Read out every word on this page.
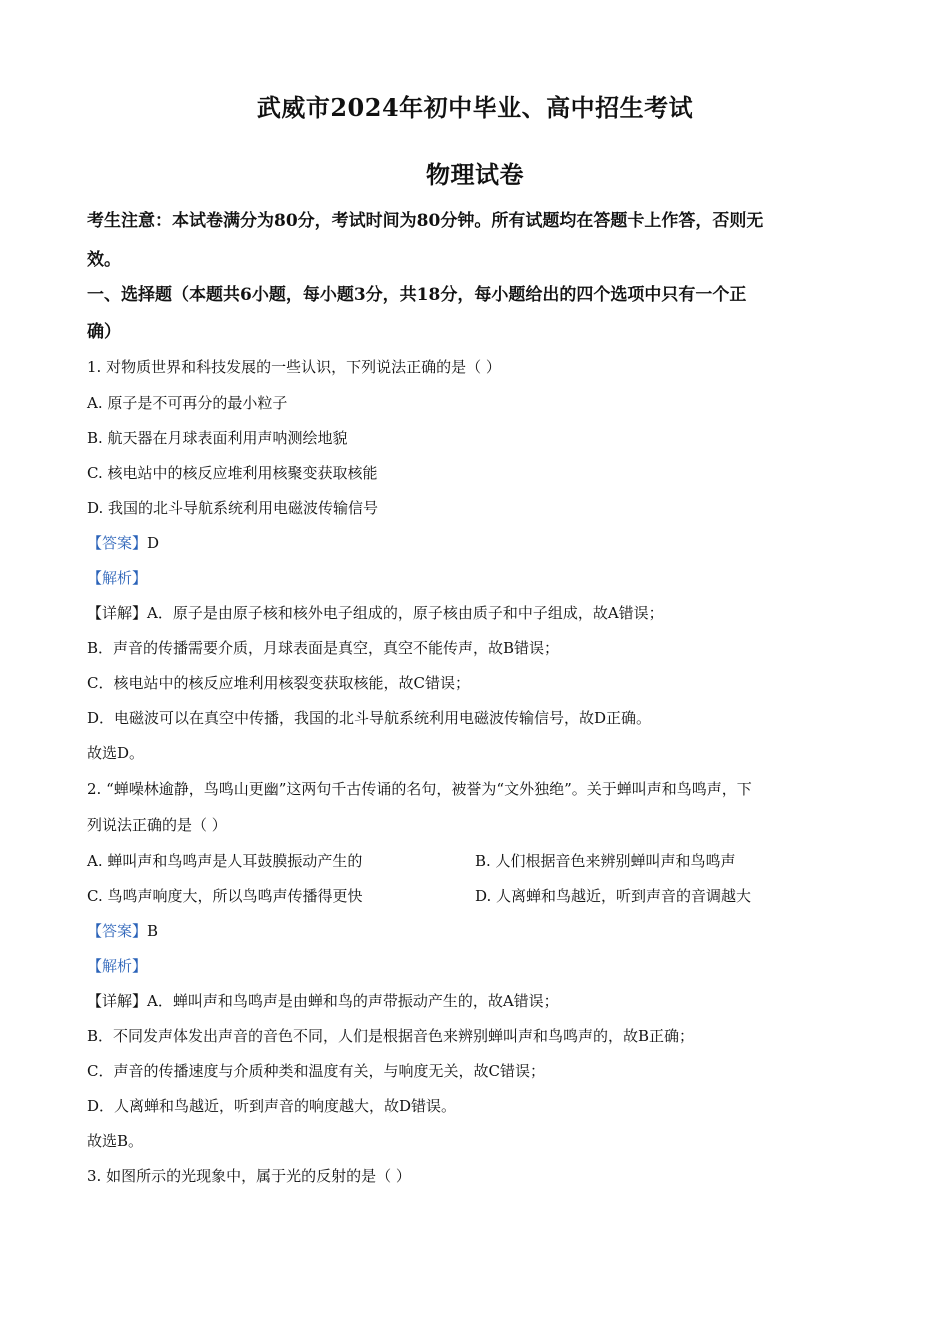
武威市2024年初中毕业、高中招生考试
物理试卷
考生注意：本试卷满分为80分，考试时间为80分钟。所有试题均在答题卡上作答，否则无
效。
一、选择题（本题共6小题，每小题3分，共18分，每小题给出的四个选项中只有一个正
确）
1. 对物质世界和科技发展的一些认识，下列说法正确的是（ ）
A. 原子是不可再分的最小粒子
B. 航天器在月球表面利用声呐测绘地貌
C. 核电站中的核反应堆利用核聚变获取核能
D. 我国的北斗导航系统利用电磁波传输信号
【答案】D
【解析】
【详解】A．原子是由原子核和核外电子组成的，原子核由质子和中子组成，故A错误；
B．声音的传播需要介质，月球表面是真空，真空不能传声，故B错误；
C．核电站中的核反应堆利用核裂变获取核能，故C错误；
D．电磁波可以在真空中传播，我国的北斗导航系统利用电磁波传输信号，故D正确。
故选D。
2. “蝉噪林逾静，鸟鸣山更幽”这两句千古传诵的名句，被誉为“文外独绝”。关于蝉叫声和鸟鸣声，下
列说法正确的是（ ）
A. 蝉叫声和鸟鸣声是人耳鼓膜振动产生的	B. 人们根据音色来辨别蝉叫声和鸟鸣声
C. 鸟鸣声响度大，所以鸟鸣声传播得更快	D. 人离蝉和鸟越近，听到声音的音调越大
【答案】B
【解析】
【详解】A．蝉叫声和鸟鸣声是由蝉和鸟的声带振动产生的，故A错误；
B．不同发声体发出声音的音色不同，人们是根据音色来辨别蝉叫声和鸟鸣声的，故B正确；
C．声音的传播速度与介质种类和温度有关，与响度无关，故C错误；
D．人离蝉和鸟越近，听到声音的响度越大，故D错误。
故选B。
3. 如图所示的光现象中，属于光的反射的是（ ）
